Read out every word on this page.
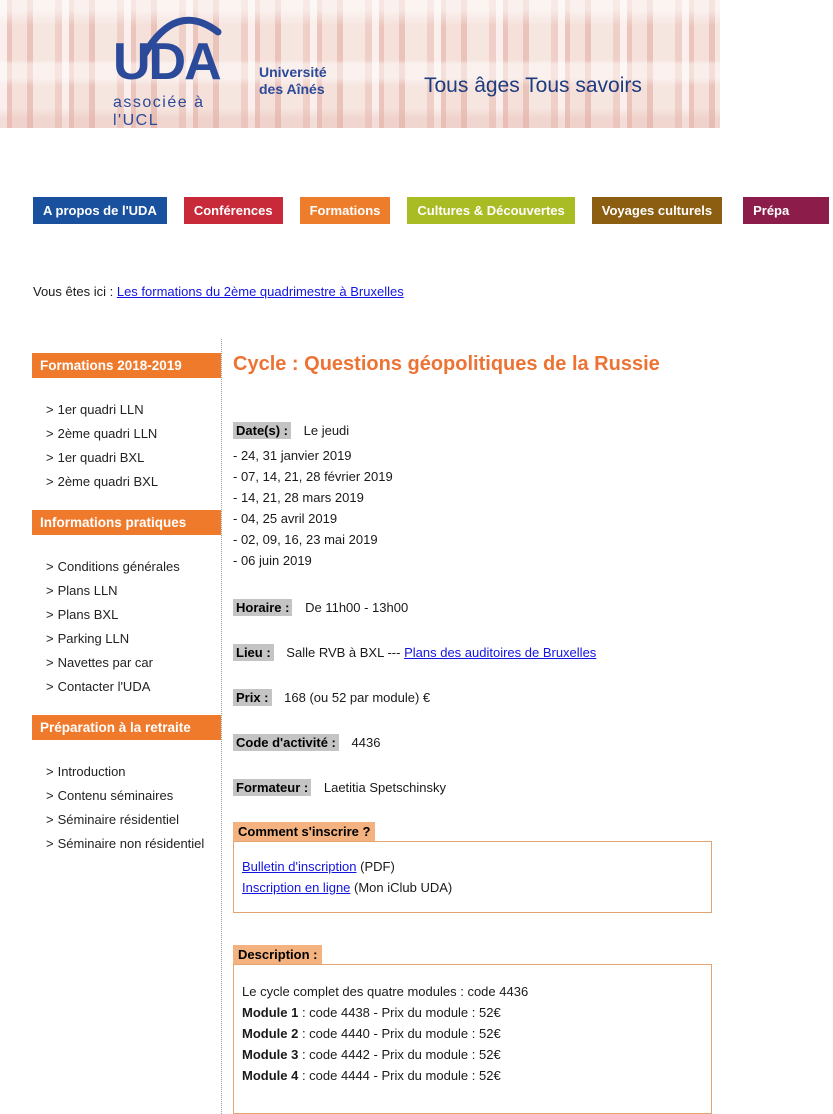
UDA	Université
des Aînés
associée à l'UCL
Tous âges Tous savoirs
A propos de l'UDA	Conférences	Formations	Cultures & Découvertes	Voyages culturels	Prépa
Vous êtes ici : Les formations du 2ème quadrimestre à Bruxelles
Formations 2018-2019
> 1er quadri LLN
> 2ème quadri LLN
> 1er quadri BXL
> 2ème quadri BXL
Informations pratiques
> Conditions générales
> Plans LLN
> Plans BXL
> Parking LLN
> Navettes par car
> Contacter l'UDA
Préparation à la retraite
> Introduction
> Contenu séminaires
> Séminaire résidentiel
> Séminaire non résidentiel
Cycle : Questions géopolitiques de la Russie
Date(s) : Le jeudi
- 24, 31 janvier 2019
- 07, 14, 21, 28 février 2019
- 14, 21, 28 mars 2019
- 04, 25 avril 2019
- 02, 09, 16, 23 mai 2019
- 06 juin 2019
Horaire : De 11h00 - 13h00
Lieu : Salle RVB à BXL --- Plans des auditoires de Bruxelles
Prix : 168 (ou 52 par module) €
Code d'activité : 4436
Formateur : Laetitia Spetschinsky
Comment s'inscrire ?
Bulletin d'inscription (PDF)
Inscription en ligne (Mon iClub UDA)
Description :
Le cycle complet des quatre modules : code 4436
Module 1 : code 4438 - Prix du module : 52€
Module 2 : code 4440 - Prix du module : 52€
Module 3 : code 4442 - Prix du module : 52€
Module 4 : code 4444 - Prix du module : 52€
